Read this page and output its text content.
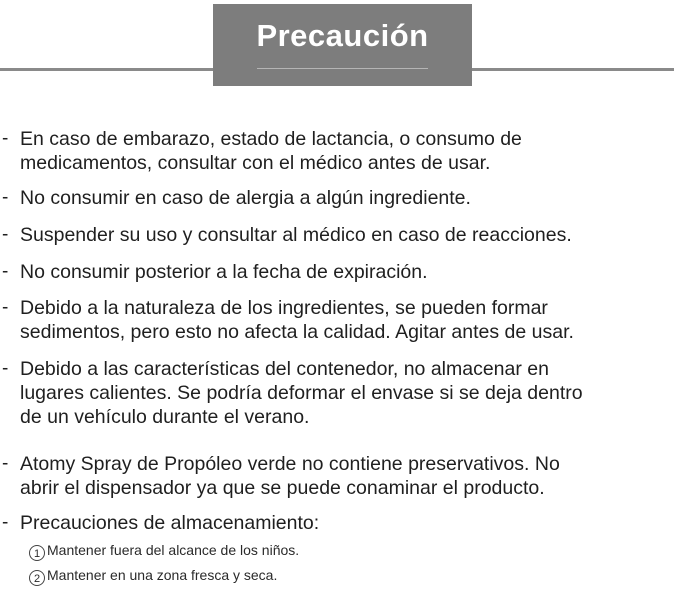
Precaución
- En caso de embarazo, estado de lactancia, o consumo de
medicamentos, consultar con el médico antes de usar.
- No consumir en caso de alergia a algún ingrediente.
- Suspender su uso y consultar al médico en caso de reacciones.
- No consumir posterior a la fecha de expiración.
- Debido a la naturaleza de los ingredientes, se pueden formar
sedimentos, pero esto no afecta la calidad. Agitar antes de usar.
- Debido a las características del contenedor, no almacenar en
lugares calientes. Se podría deformar el envase si se deja dentro
de un vehículo durante el verano.
- Atomy Spray de Propóleo verde no contiene preservativos. No
abrir el dispensador ya que se puede conaminar el producto.
- Precauciones de almacenamiento:
1 Mantener fuera del alcance de los niños.
2 Mantener en una zona fresca y seca.
